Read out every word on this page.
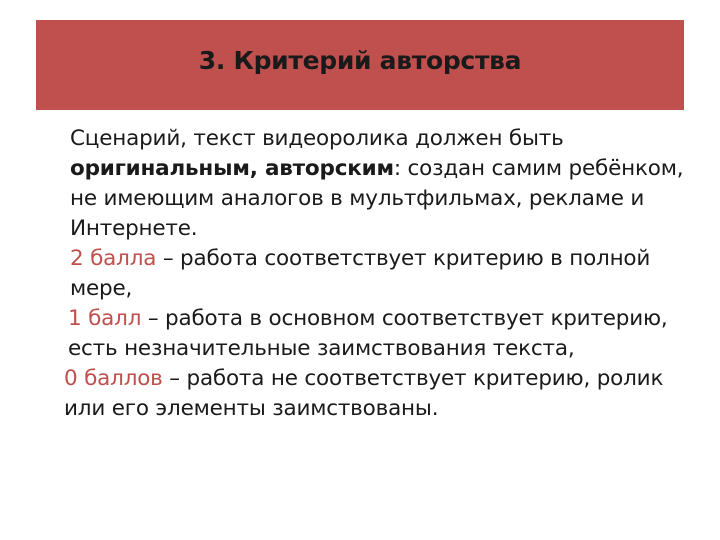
3. Критерий авторства

Сценарий, текст видеоролика должен быть оригинальным, авторским: создан самим ребёнком, не имеющим аналогов в мультфильмах, рекламе и Интернете.

2 балла – работа соответствует критерию в полной мере,

1 балл – работа в основном соответствует критерию, есть незначительные заимствования текста,

0 баллов – работа не соответствует критерию, ролик или его элементы заимствованы.
